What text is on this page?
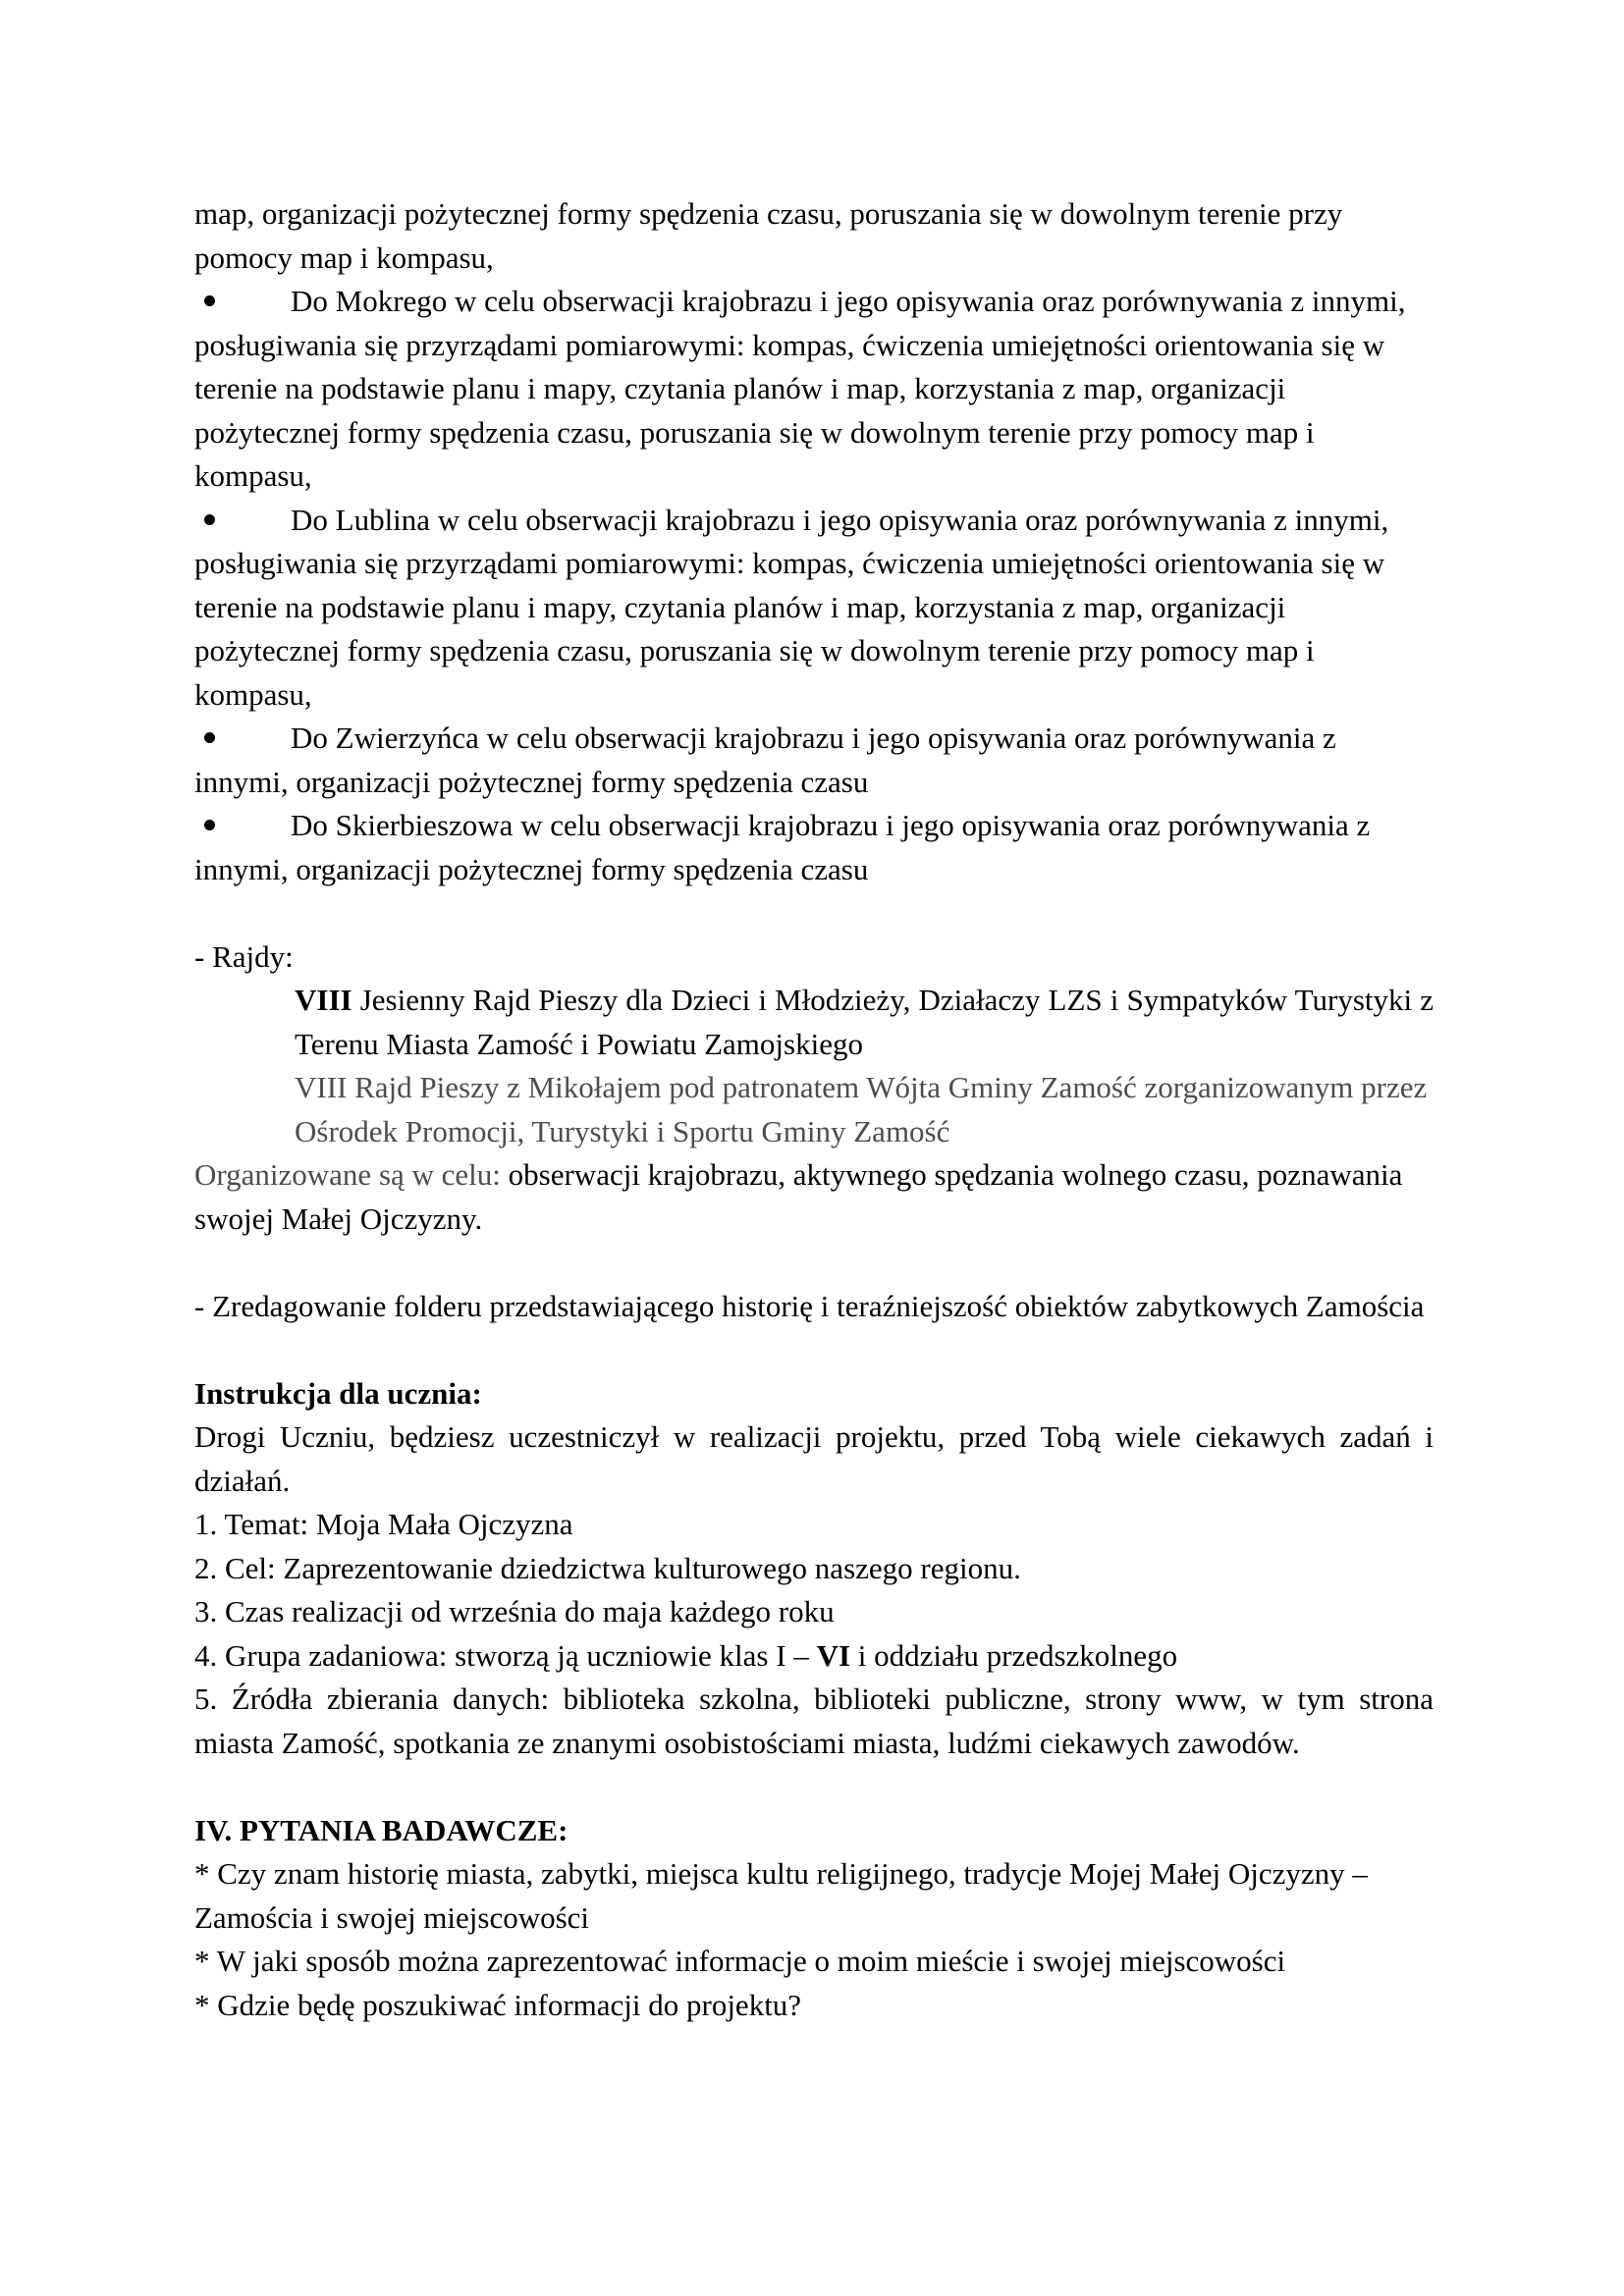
map, organizacji pożytecznej formy spędzenia czasu, poruszania się w dowolnym terenie przy pomocy map i kompasu,

Do Mokrego w celu obserwacji krajobrazu i jego opisywania oraz porównywania z innymi, posługiwania się przyrządami pomiarowymi: kompas, ćwiczenia umiejętności orientowania się w terenie na podstawie planu i mapy, czytania planów i map, korzystania z map, organizacji pożytecznej formy spędzenia czasu, poruszania się w dowolnym terenie przy pomocy map i kompasu,

Do Lublina w celu obserwacji krajobrazu i jego opisywania oraz porównywania z innymi, posługiwania się przyrządami pomiarowymi: kompas, ćwiczenia umiejętności orientowania się w terenie na podstawie planu i mapy, czytania planów i map, korzystania z map, organizacji pożytecznej formy spędzenia czasu, poruszania się w dowolnym terenie przy pomocy map i kompasu,

Do Zwierzyńca w celu obserwacji krajobrazu i jego opisywania oraz porównywania z innymi, organizacji pożytecznej formy spędzenia czasu

Do Skierbieszowa w celu obserwacji krajobrazu i jego opisywania oraz porównywania z innymi, organizacji pożytecznej formy spędzenia czasu

- Rajdy:

VIII Jesienny Rajd Pieszy dla Dzieci i Młodzieży, Działaczy LZS i Sympatyków Turystyki z Terenu Miasta Zamość i Powiatu Zamojskiego

VIII Rajd Pieszy z Mikołajem pod patronatem Wójta Gminy Zamość zorganizowanym przez Ośrodek Promocji, Turystyki i Sportu Gminy Zamość

Organizowane są w celu: obserwacji krajobrazu, aktywnego spędzania wolnego czasu, poznawania swojej Małej Ojczyzny.

- Zredagowanie folderu przedstawiającego historię i teraźniejszość obiektów zabytkowych Zamościa

Instrukcja dla ucznia:

Drogi Uczniu, będziesz uczestniczył w realizacji projektu, przed Tobą wiele ciekawych zadań i działań.

1. Temat: Moja Mała Ojczyzna

2. Cel: Zaprezentowanie dziedzictwa kulturowego naszego regionu.

3. Czas realizacji od września do maja każdego roku

4. Grupa zadaniowa: stworzą ją uczniowie klas I – VI i oddziału przedszkolnego

5. Źródła zbierania danych: biblioteka szkolna, biblioteki publiczne, strony www, w tym strona miasta Zamość, spotkania ze znanymi osobistościami miasta, ludźmi ciekawych zawodów.

IV. PYTANIA BADAWCZE:

* Czy znam historię miasta, zabytki, miejsca kultu religijnego, tradycje Mojej Małej Ojczyzny – Zamościa i swojej miejscowości

* W jaki sposób można zaprezentować informacje o moim mieście i swojej miejscowości

* Gdzie będę poszukiwać informacji do projektu?
